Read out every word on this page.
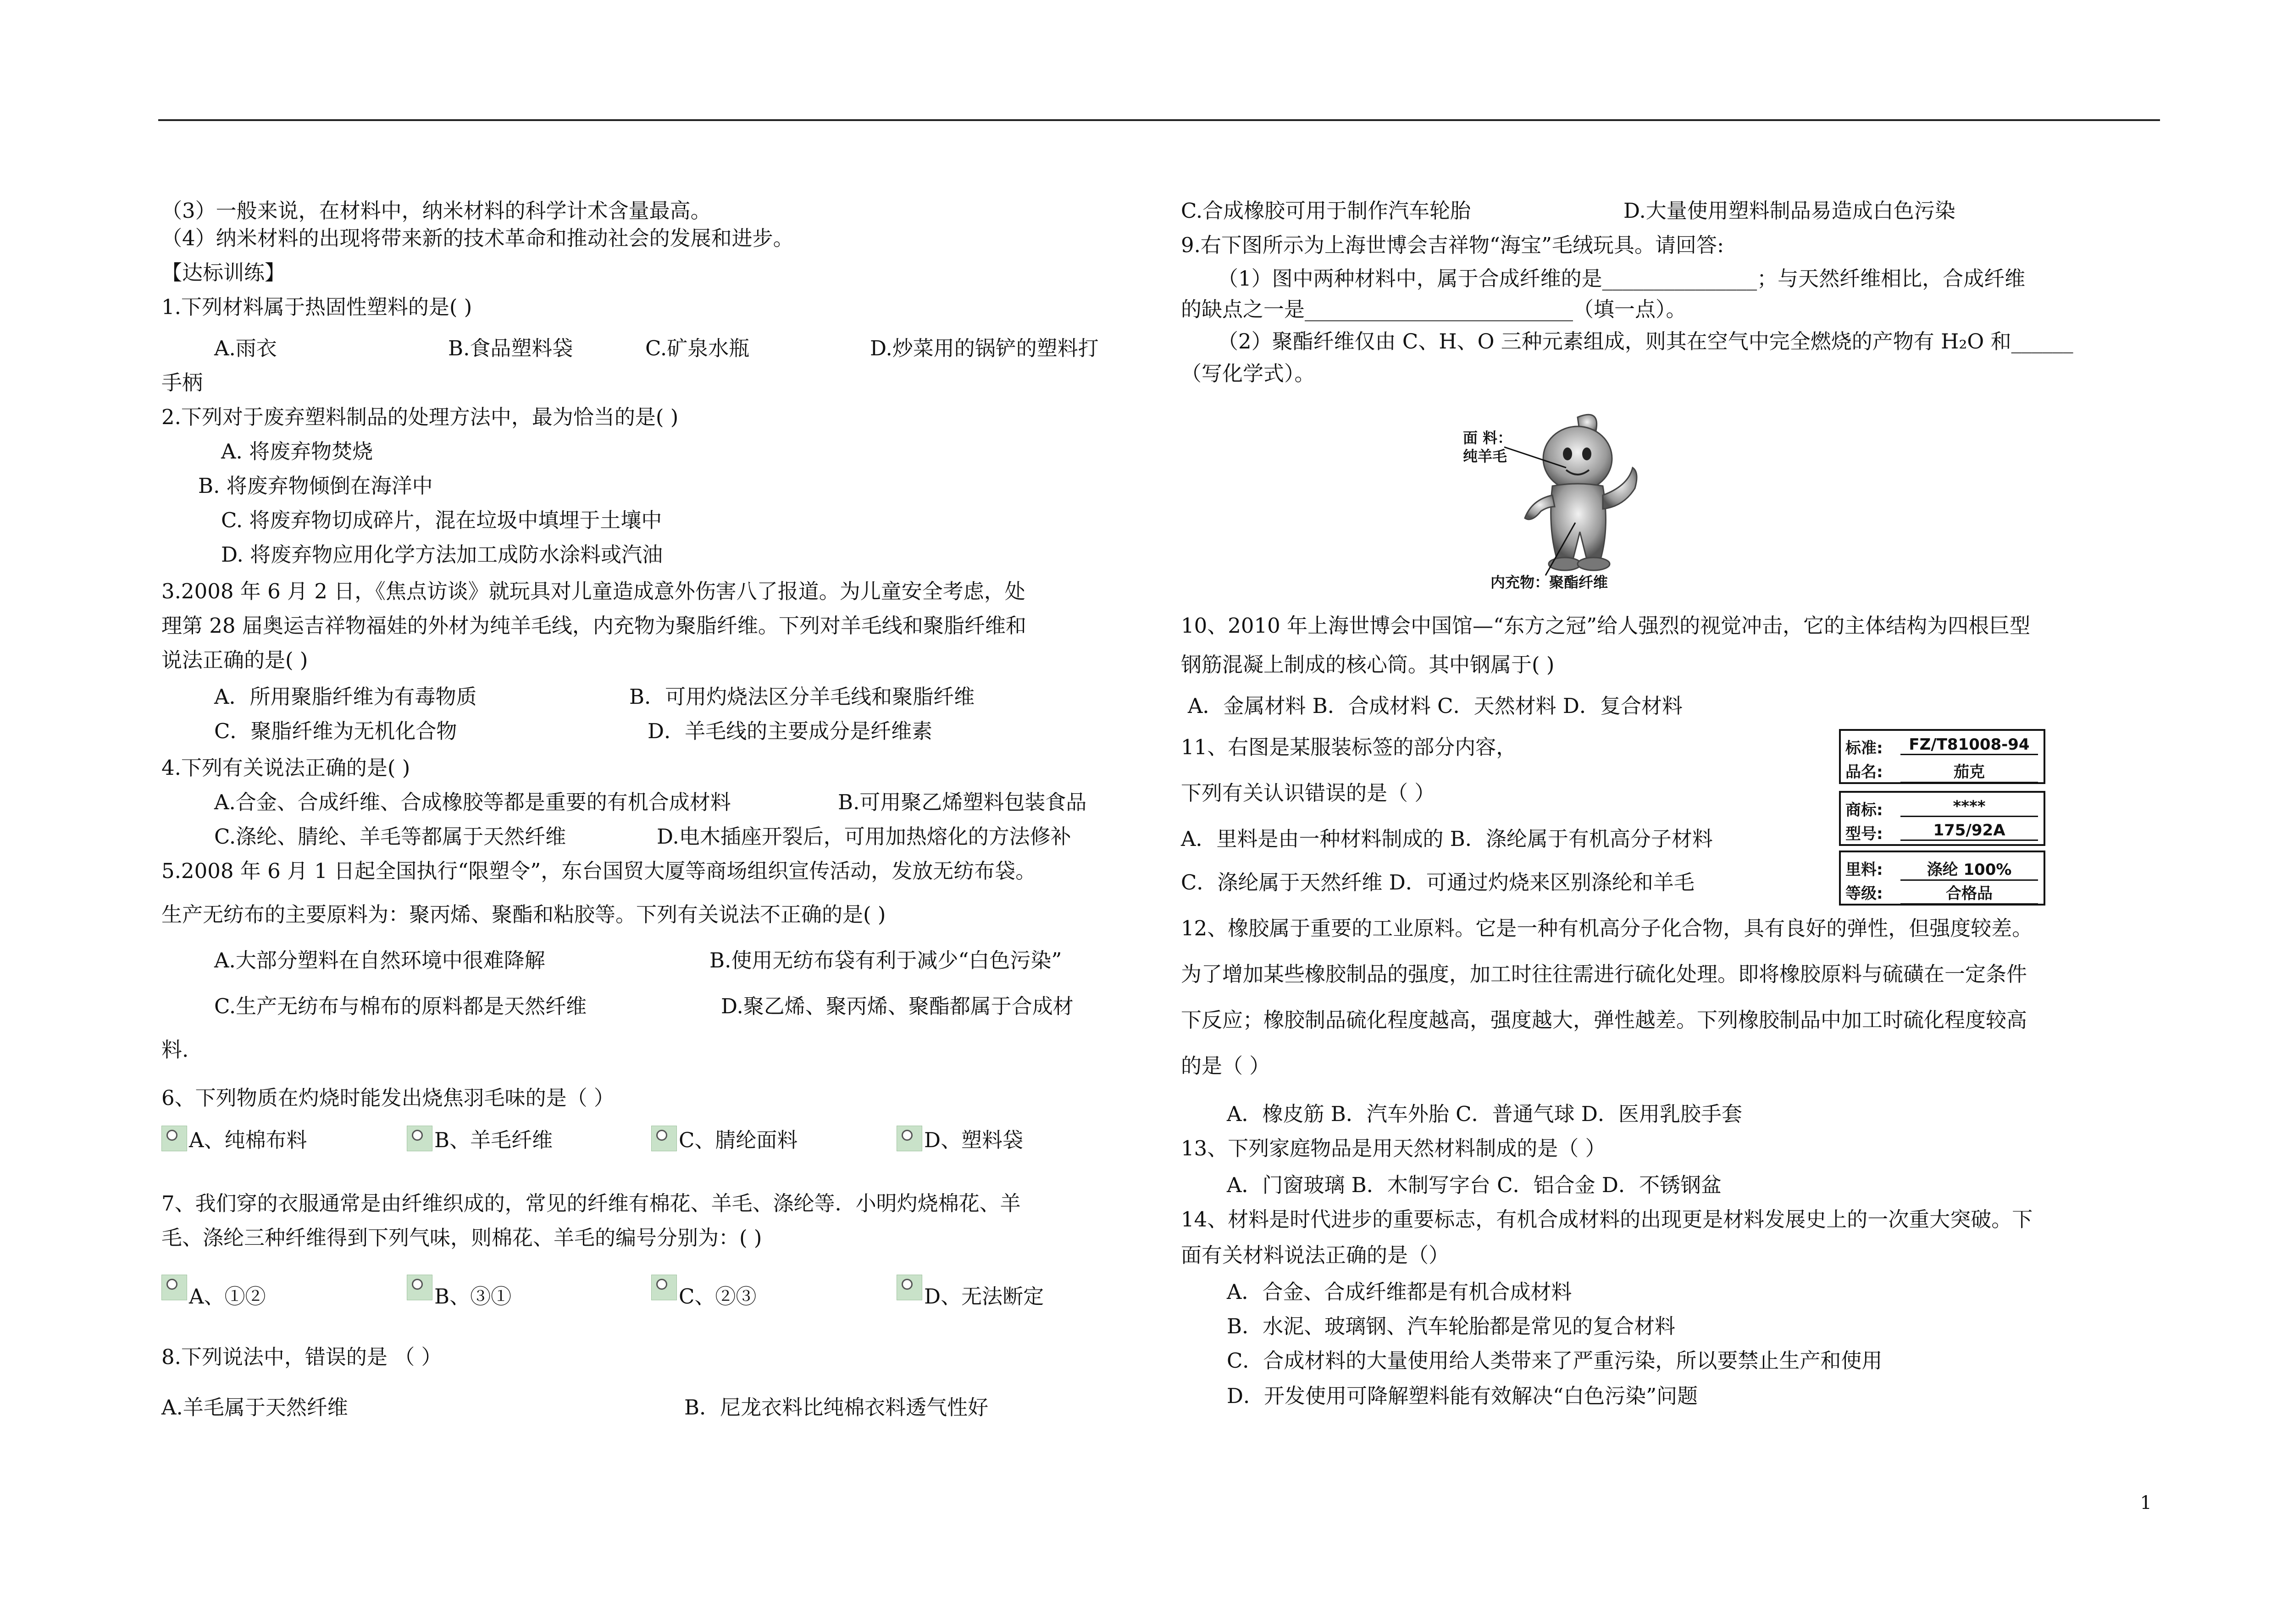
（3）一般来说，在材料中，纳米材料的科学计术含量最高。
（4）纳米材料的出现将带来新的技术革命和推动社会的发展和进步。
【达标训练】
1.下列材料属于热固性塑料的是( )
A.雨衣	B.食品塑料袋	C.矿泉水瓶	D.炒菜用的锅铲的塑料打
手柄
2.下列对于废弃塑料制品的处理方法中，最为恰当的是( )
A. 将废弃物焚烧
B. 将废弃物倾倒在海洋中
C. 将废弃物切成碎片，混在垃圾中填埋于土壤中
D. 将废弃物应用化学方法加工成防水涂料或汽油
3.2008 年 6 月 2 日，《焦点访谈》就玩具对儿童造成意外伤害八了报道。为儿童安全考虑，处
理第 28 届奥运吉祥物福娃的外材为纯羊毛线，内充物为聚脂纤维。下列对羊毛线和聚脂纤维和
说法正确的是( )
A．所用聚脂纤维为有毒物质	B．可用灼烧法区分羊毛线和聚脂纤维
C．聚脂纤维为无机化合物	D．羊毛线的主要成分是纤维素
4.下列有关说法正确的是( )
A.合金、合成纤维、合成橡胶等都是重要的有机合成材料	B.可用聚乙烯塑料包装食品
C.涤纶、腈纶、羊毛等都属于天然纤维	D.电木插座开裂后，可用加热熔化的方法修补
5.2008 年 6 月 1 日起全国执行“限塑令”，东台国贸大厦等商场组织宣传活动，发放无纺布袋。
生产无纺布的主要原料为：聚丙烯、聚酯和粘胶等。下列有关说法不正确的是( )
A.大部分塑料在自然环境中很难降解	B.使用无纺布袋有利于减少“白色污染”
C.生产无纺布与棉布的原料都是天然纤维	D.聚乙烯、聚丙烯、聚酯都属于合成材
料.
6、下列物质在灼烧时能发出烧焦羽毛味的是（ ）
7、我们穿的衣服通常是由纤维织成的，常见的纤维有棉花、羊毛、涤纶等．小明灼烧棉花、羊
毛、涤纶三种纤维得到下列气味，则棉花、羊毛的编号分别为：( )
8.下列说法中，错误的是 （ ）
A.羊毛属于天然纤维	B．尼龙衣料比纯棉衣料透气性好
C.合成橡胶可用于制作汽车轮胎	D.大量使用塑料制品易造成白色污染
9.右下图所示为上海世博会吉祥物“海宝”毛绒玩具。请回答:
（1）图中两种材料中，属于合成纤维的是_______________；与天然纤维相比，合成纤维
的缺点之一是__________________________（填一点）。
（2）聚酯纤维仅由 C、H、O 三种元素组成，则其在空气中完全燃烧的产物有 H₂O 和______
（写化学式）。
10、2010 年上海世博会中国馆—“东方之冠”给人强烈的视觉冲击，它的主体结构为四根巨型
钢筋混凝上制成的核心筒。其中钢属于( )
A．金属材料 B．合成材料 C．天然材料 D．复合材料
11、右图是某服装标签的部分内容，
下列有关认识错误的是（ ）
A．里料是由一种材料制成的 B．涤纶属于有机高分子材料
C．涤纶属于天然纤维 D．可通过灼烧来区别涤纶和羊毛
12、橡胶属于重要的工业原料。它是一种有机高分子化合物，具有良好的弹性，但强度较差。
为了增加某些橡胶制品的强度，加工时往往需进行硫化处理。即将橡胶原料与硫磺在一定条件
下反应；橡胶制品硫化程度越高，强度越大，弹性越差。下列橡胶制品中加工时硫化程度较高
的是（ ）
A．橡皮筋 B．汽车外胎 C．普通气球 D．医用乳胶手套
13、下列家庭物品是用天然材料制成的是（ ）
A．门窗玻璃 B．木制写字台 C．铝合金 D．不锈钢盆
14、材料是时代进步的重要标志，有机合成材料的出现更是材料发展史上的一次重大突破。下
面有关材料说法正确的是（）
A．合金、合成纤维都是有机合成材料
B．水泥、玻璃钢、汽车轮胎都是常见的复合材料
C．合成材料的大量使用给人类带来了严重污染，所以要禁止生产和使用
D．开发使用可降解塑料能有效解决“白色污染”问题
A、纯棉布料	B、羊毛纤维	C、腈纶面料	D、塑料袋
A、①②	B、③①	C、②③	D、无法断定
面 料：
纯羊毛
内充物：聚酯纤维
标准:	FZ/T81008-94
品名:	茄克
商标:	****
型号:	175/92A
里料:	涤纶 100%
等级:	合格品
1
